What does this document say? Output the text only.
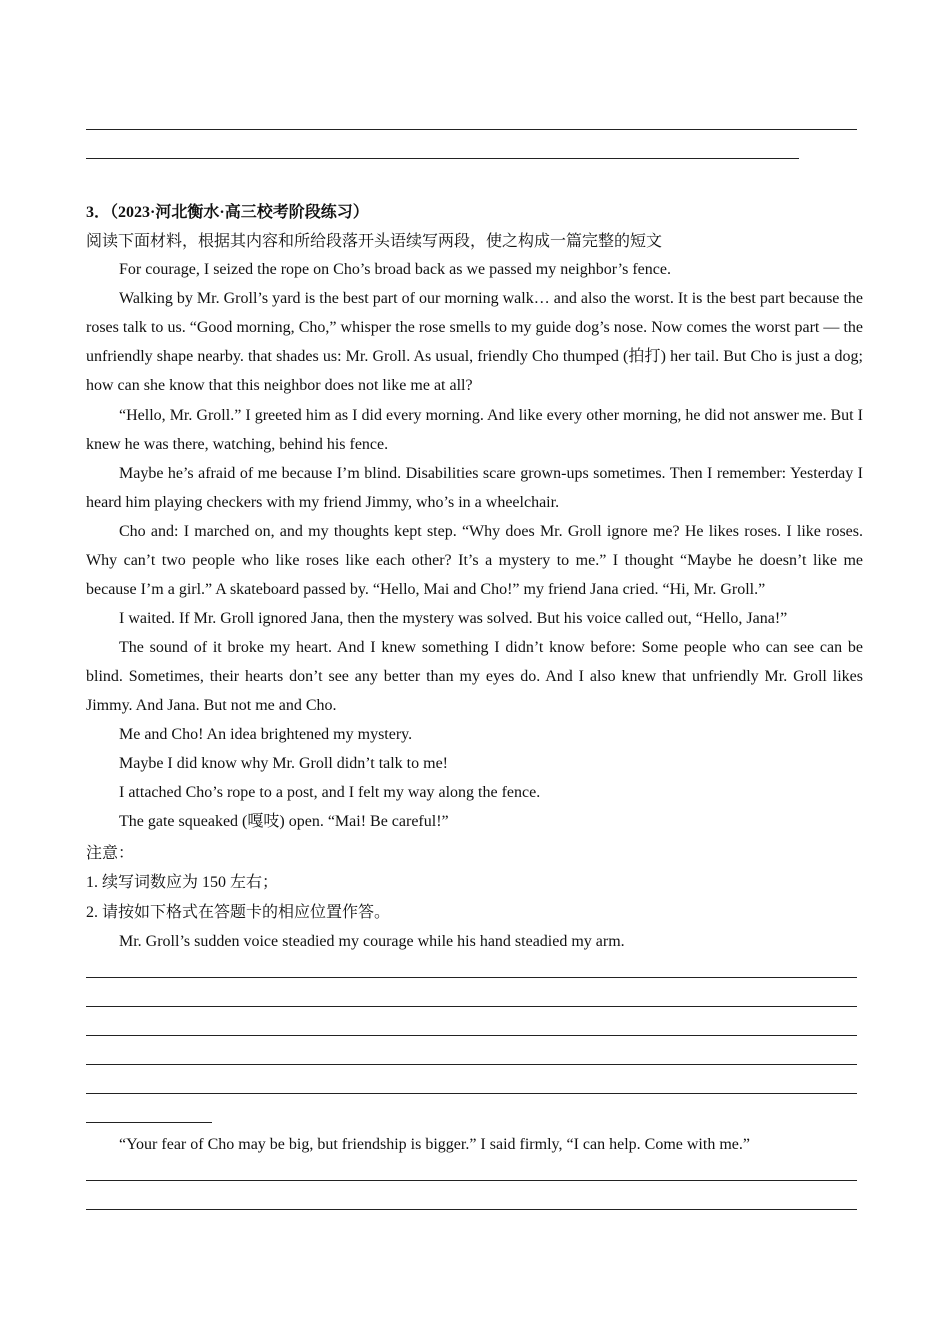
3．（2023·河北衡水·高三校考阶段练习）
阅读下面材料，根据其内容和所给段落开头语续写两段，使之构成一篇完整的短文
For courage, I seized the rope on Cho’s broad back as we passed my neighbor’s fence.
Walking by Mr. Groll’s yard is the best part of our morning walk… and also the worst. It is the best part because the roses talk to us. “Good morning, Cho,” whisper the rose smells to my guide dog’s nose. Now comes the worst part — the unfriendly shape nearby. that shades us: Mr. Groll. As usual, friendly Cho thumped (拍打) her tail. But Cho is just a dog; how can she know that this neighbor does not like me at all?
“Hello, Mr. Groll.” I greeted him as I did every morning. And like every other morning, he did not answer me. But I knew he was there, watching, behind his fence.
Maybe he’s afraid of me because I’m blind. Disabilities scare grown-ups sometimes. Then I remember: Yesterday I heard him playing checkers with my friend Jimmy, who’s in a wheelchair.
Cho and: I marched on, and my thoughts kept step. “Why does Mr. Groll ignore me? He likes roses. I like roses. Why can’t two people who like roses like each other? It’s a mystery to me.” I thought “Maybe he doesn’t like me because I’m a girl.” A skateboard passed by. “Hello, Mai and Cho!” my friend Jana cried. “Hi, Mr. Groll.”
I waited. If Mr. Groll ignored Jana, then the mystery was solved. But his voice called out, “Hello, Jana!”
The sound of it broke my heart. And I knew something I didn’t know before: Some people who can see can be blind. Sometimes, their hearts don’t see any better than my eyes do. And I also knew that unfriendly Mr. Groll likes Jimmy. And Jana. But not me and Cho.
Me and Cho! An idea brightened my mystery.
Maybe I did know why Mr. Groll didn’t talk to me!
I attached Cho’s rope to a post, and I felt my way along the fence.
The gate squeaked (嘎吱) open. “Mai! Be careful!”
注意：
1. 续写词数应为 150 左右；
2. 请按如下格式在答题卡的相应位置作答。
Mr. Groll’s sudden voice steadied my courage while his hand steadied my arm.
“Your fear of Cho may be big, but friendship is bigger.” I said firmly, “I can help. Come with me.”
